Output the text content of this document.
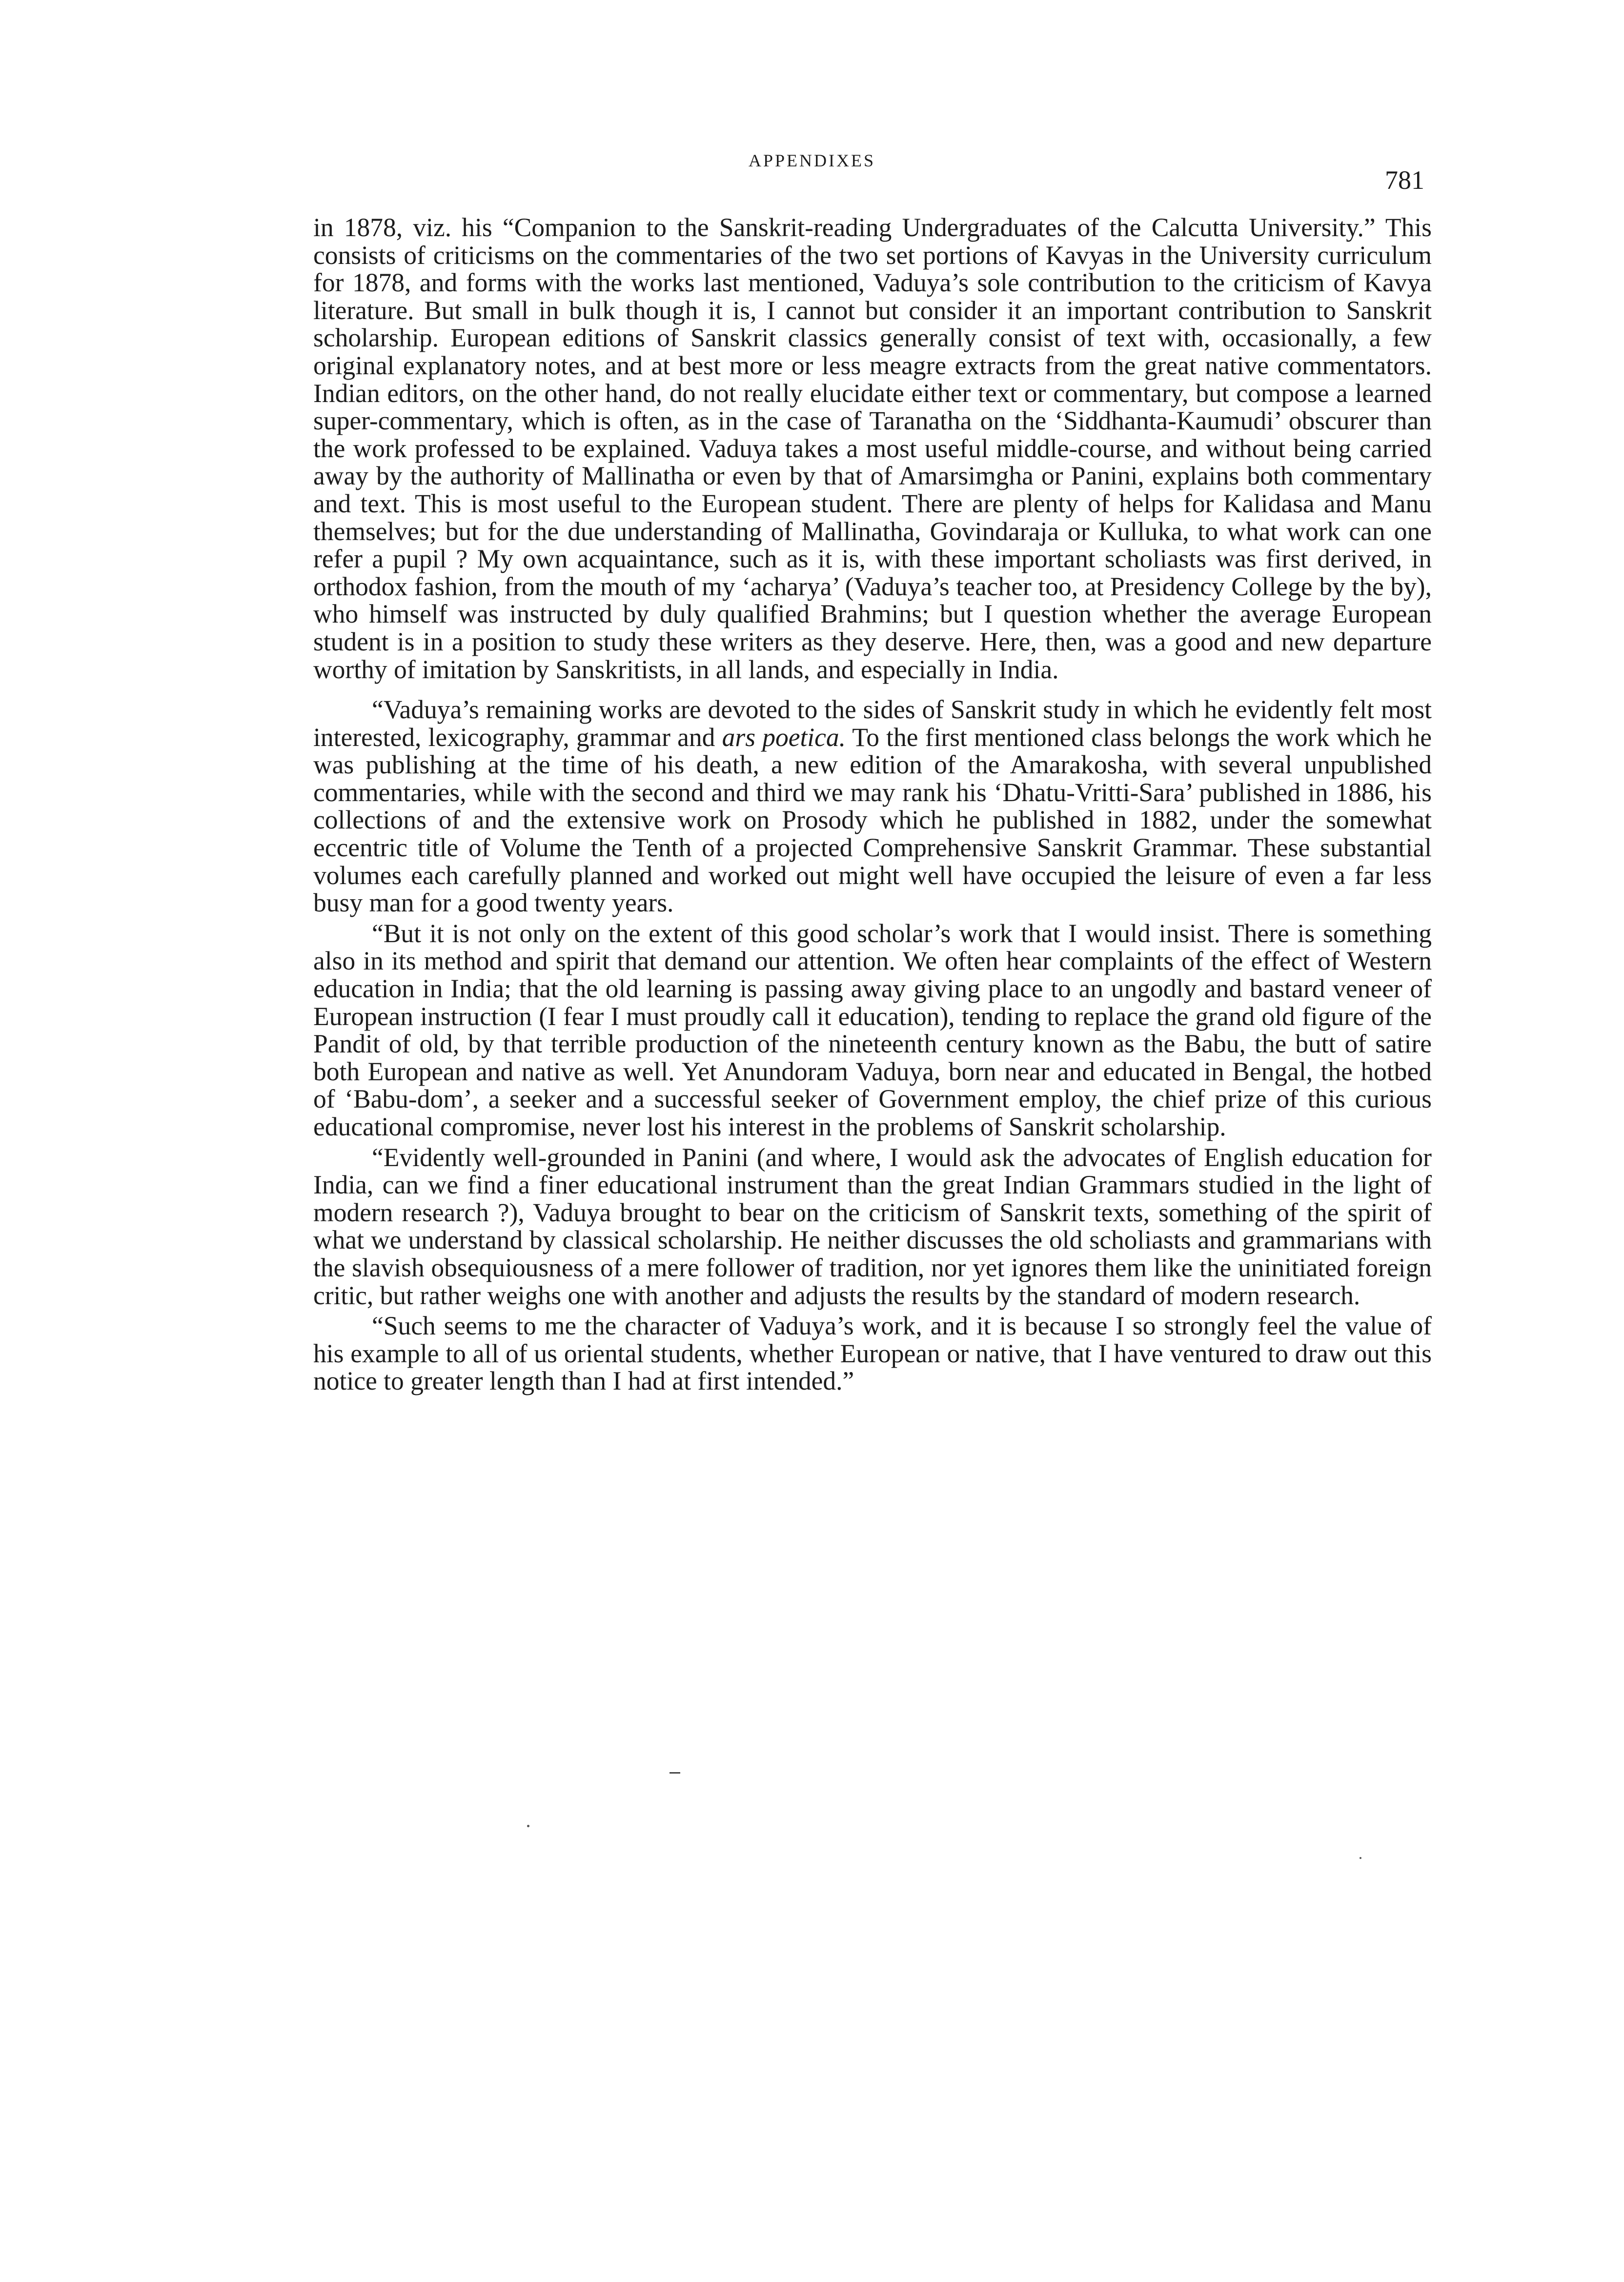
APPENDIXES
781

in 1878, viz. his “Companion to the Sanskrit-reading Undergraduates of the Calcutta University.” This consists of criticisms on the commentaries of the two set portions of Kavyas in the University curriculum for 1878, and forms with the works last mentioned, Vaduya’s sole contribution to the criticism of Kavya literature. But small in bulk though it is, I cannot but consider it an important contribution to Sanskrit scholarship. European editions of Sanskrit classics generally consist of text with, occasionally, a few original explanatory notes, and at best more or less meagre extracts from the great native commentators. Indian editors, on the other hand, do not really elucidate either text or commentary, but compose a learned super-commentary, which is often, as in the case of Taranatha on the ‘Siddhanta-Kaumudi’ obscurer than the work professed to be explained. Vaduya takes a most useful middle-course, and without being carried away by the authority of Mallinatha or even by that of Amarsimgha or Panini, explains both commentary and text. This is most useful to the European student. There are plenty of helps for Kalidasa and Manu themselves; but for the due understanding of Mallinatha, Govindaraja or Kulluka, to what work can one refer a pupil ? My own acquaintance, such as it is, with these important scholiasts was first derived, in orthodox fashion, from the mouth of my ‘acharya’ (Vaduya’s teacher too, at Presidency College by the by), who himself was instructed by duly qualified Brahmins; but I question whether the average European student is in a position to study these writers as they deserve. Here, then, was a good and new departure worthy of imitation by Sanskritists, in all lands, and especially in India.

“Vaduya’s remaining works are devoted to the sides of Sanskrit study in which he evidently felt most interested, lexicography, grammar and ars poetica. To the first mentioned class belongs the work which he was publishing at the time of his death, a new edition of the Amarakosha, with several unpublished commentaries, while with the second and third we may rank his ‘Dhatu-Vritti-Sara’ published in 1886, his collections of and the extensive work on Prosody which he published in 1882, under the somewhat eccentric title of Volume the Tenth of a projected Comprehensive Sanskrit Grammar. These substantial volumes each carefully planned and worked out might well have occupied the leisure of even a far less busy man for a good twenty years.

“But it is not only on the extent of this good scholar’s work that I would insist. There is something also in its method and spirit that demand our attention. We often hear complaints of the effect of Western education in India; that the old learning is passing away giving place to an ungodly and bastard veneer of European instruction (I fear I must proudly call it education), tending to replace the grand old figure of the Pandit of old, by that terrible production of the nineteenth century known as the Babu, the butt of satire both European and native as well. Yet Anundoram Vaduya, born near and educated in Bengal, the hotbed of ‘Babu-dom’, a seeker and a successful seeker of Government employ, the chief prize of this curious educational compromise, never lost his interest in the problems of Sanskrit scholarship.

“Evidently well-grounded in Panini (and where, I would ask the advocates of English education for India, can we find a finer educational instrument than the great Indian Grammars studied in the light of modern research ?), Vaduya brought to bear on the criticism of Sanskrit texts, something of the spirit of what we understand by classical scholarship. He neither discusses the old scholiasts and grammarians with the slavish obsequiousness of a mere follower of tradition, nor yet ignores them like the uninitiated foreign critic, but rather weighs one with another and adjusts the results by the standard of modern research.

“Such seems to me the character of Vaduya’s work, and it is because I so strongly feel the value of his example to all of us oriental students, whether European or native, that I have ventured to draw out this notice to greater length than I had at first intended.”
